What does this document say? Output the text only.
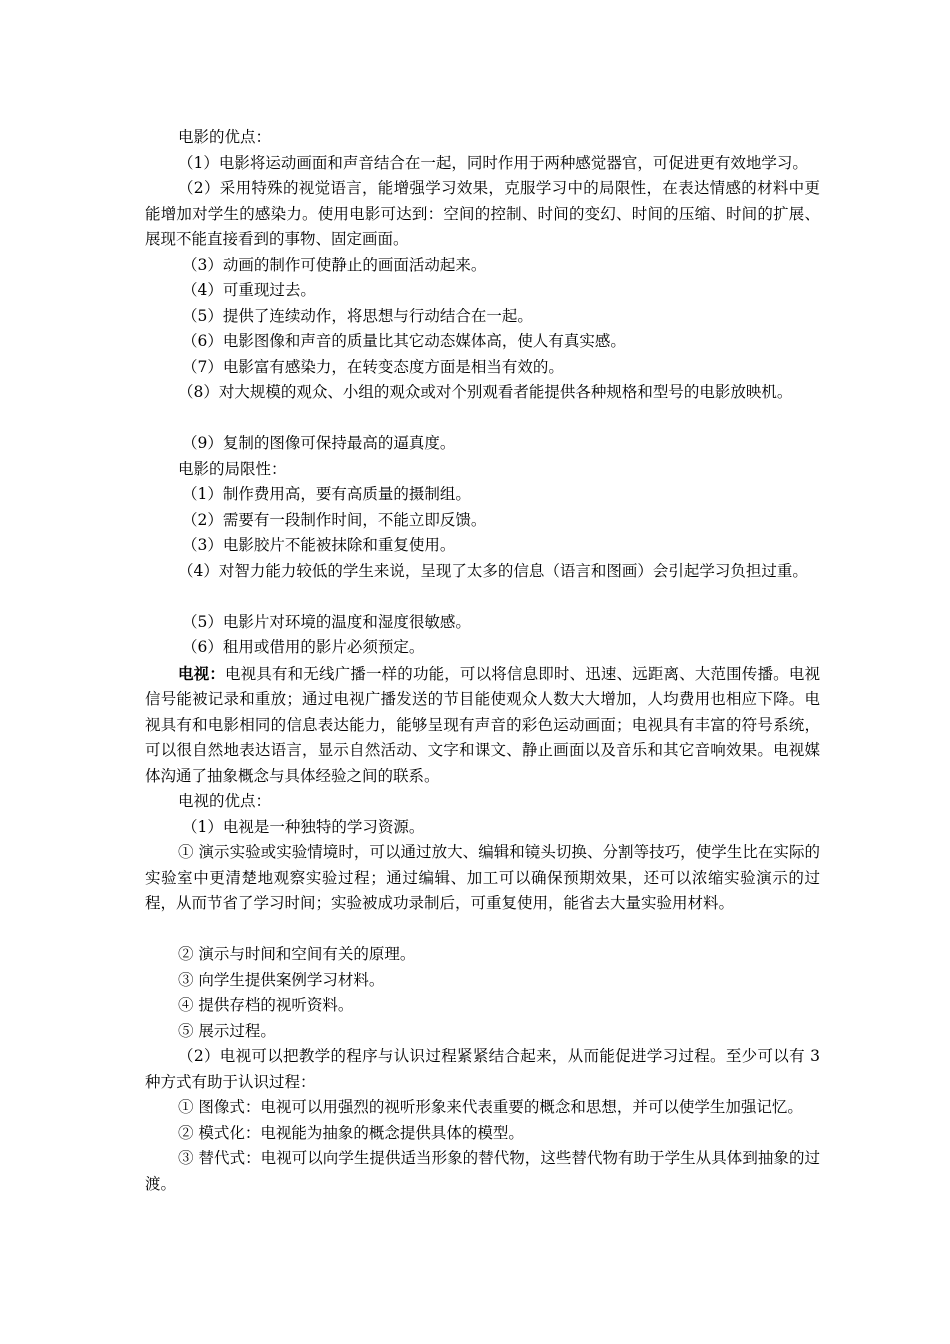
电影的优点：

（1）电影将运动画面和声音结合在一起，同时作用于两种感觉器官，可促进更有效地学习。

（2）采用特殊的视觉语言，能增强学习效果，克服学习中的局限性，在表达情感的材料中更能增加对学生的感染力。使用电影可达到：空间的控制、时间的变幻、时间的压缩、时间的扩展、展现不能直接看到的事物、固定画面。

（3）动画的制作可使静止的画面活动起来。

（4）可重现过去。

（5）提供了连续动作，将思想与行动结合在一起。

（6）电影图像和声音的质量比其它动态媒体高，使人有真实感。

（7）电影富有感染力，在转变态度方面是相当有效的。

（8）对大规模的观众、小组的观众或对个别观看者能提供各种规格和型号的电影放映机。

（9）复制的图像可保持最高的逼真度。

电影的局限性：

（1）制作费用高，要有高质量的摄制组。

（2）需要有一段制作时间，不能立即反馈。

（3）电影胶片不能被抹除和重复使用。

（4）对智力能力较低的学生来说，呈现了太多的信息（语言和图画）会引起学习负担过重。

（5）电影片对环境的温度和湿度很敏感。

（6）租用或借用的影片必须预定。

电视：电视具有和无线广播一样的功能，可以将信息即时、迅速、远距离、大范围传播。电视信号能被记录和重放；通过电视广播发送的节目能使观众人数大大增加，人均费用也相应下降。电视具有和电影相同的信息表达能力，能够呈现有声音的彩色运动画面；电视具有丰富的符号系统，可以很自然地表达语言，显示自然活动、文字和课文、静止画面以及音乐和其它音响效果。电视媒体沟通了抽象概念与具体经验之间的联系。

电视的优点：

（1）电视是一种独特的学习资源。

① 演示实验或实验情境时，可以通过放大、编辑和镜头切换、分割等技巧，使学生比在实际的实验室中更清楚地观察实验过程；通过编辑、加工可以确保预期效果，还可以浓缩实验演示的过程，从而节省了学习时间；实验被成功录制后，可重复使用，能省去大量实验用材料。

② 演示与时间和空间有关的原理。

③ 向学生提供案例学习材料。

④ 提供存档的视听资料。

⑤ 展示过程。

（2）电视可以把教学的程序与认识过程紧紧结合起来，从而能促进学习过程。至少可以有 3 种方式有助于认识过程：

① 图像式：电视可以用强烈的视听形象来代表重要的概念和思想，并可以使学生加强记忆。

② 模式化：电视能为抽象的概念提供具体的模型。

③ 替代式：电视可以向学生提供适当形象的替代物，这些替代物有助于学生从具体到抽象的过渡。
